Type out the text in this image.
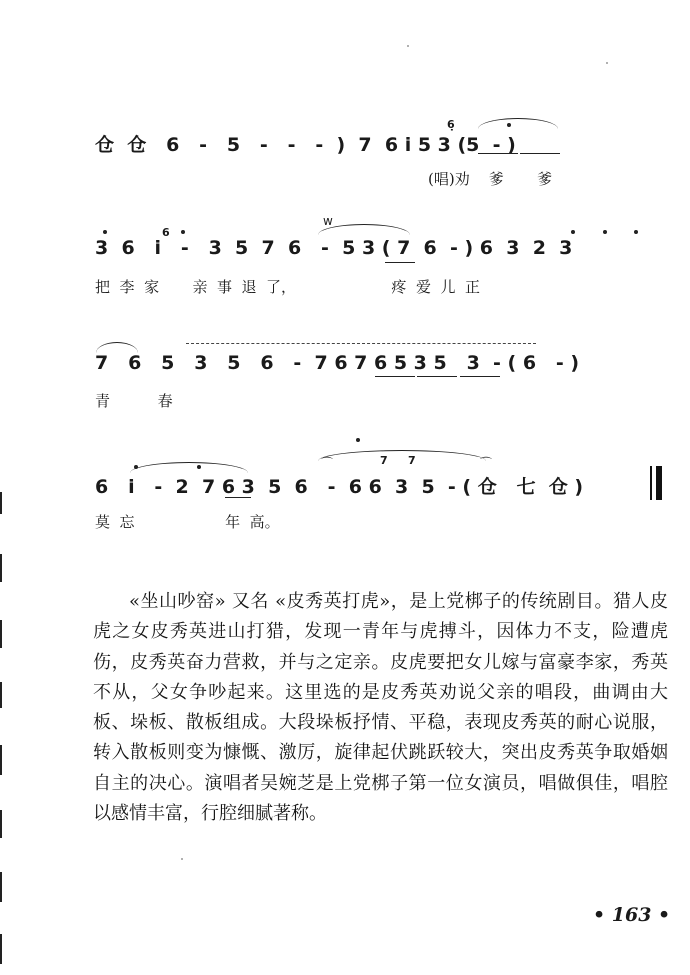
仓  仓   6   -   5   -   -   -  )  7  6 i 5 3 (5  - )
(唱)劝    爹       爹
6̣
3  6   i   -   3  5  7  6   -  5 3 ( 7  6  - ) 6  3  2  3
把  李  家       亲  事  退  了，                    疼  爱  儿  正
6
w
7   6   5   3   5   6   -  7 6 7 6 5 3 5   3  - ( 6   - )
青          春
6   i   -  2  7 6 3  5  6   -  6 6  3  5  - ( 仓   七  仓 )
莫  忘                   年  高。
⌒	⌒
7 7

«坐山吵窑» 又名 «皮秀英打虎»，是上党梆子的传统剧目。猎人皮虎之女皮秀英进山打猎，发现一青年与虎搏斗，因体力不支，险遭虎伤，皮秀英奋力营救，并与之定亲。皮虎要把女儿嫁与富豪李家，秀英不从，父女争吵起来。这里选的是皮秀英劝说父亲的唱段，曲调由大板、垛板、散板组成。大段垛板抒情、平稳，表现皮秀英的耐心说服，转入散板则变为慷慨、激厉，旋律起伏跳跃较大，突出皮秀英争取婚姻自主的决心。演唱者吴婉芝是上党梆子第一位女演员，唱做俱佳，唱腔以感情丰富，行腔细腻著称。

• 163 •
